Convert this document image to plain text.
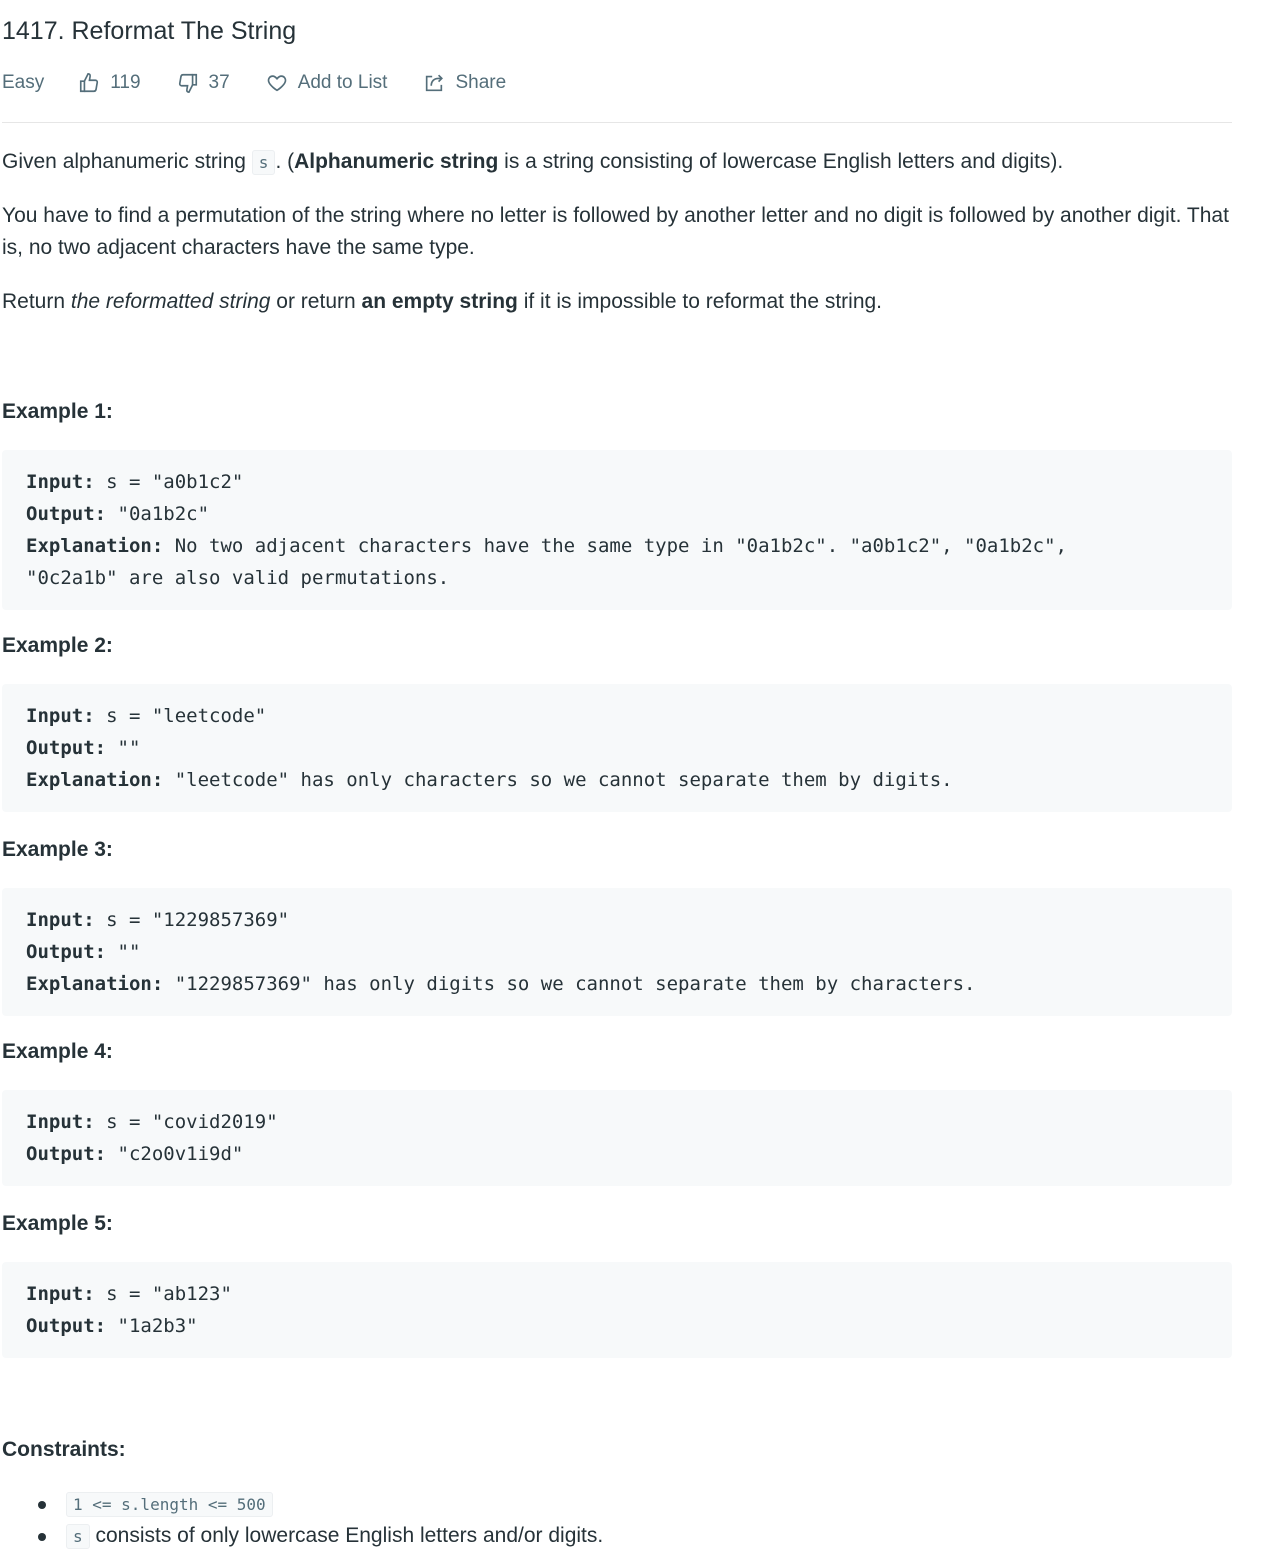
1417. Reformat The String
Easy	119	37	Add to List	Share

Given alphanumeric string s . (Alphanumeric string is a string consisting of lowercase English letters and digits).

You have to find a permutation of the string where no letter is followed by another letter and no digit is followed by another digit. That is, no two adjacent characters have the same type.

Return the reformatted string or return an empty string if it is impossible to reformat the string.

Example 1:
Input: s = "a0b1c2"
Output: "0a1b2c"
Explanation: No two adjacent characters have the same type in "0a1b2c". "a0b1c2", "0a1b2c",
"0c2a1b" are also valid permutations.
Example 2:
Input: s = "leetcode"
Output: ""
Explanation: "leetcode" has only characters so we cannot separate them by digits.
Example 3:
Input: s = "1229857369"
Output: ""
Explanation: "1229857369" has only digits so we cannot separate them by characters.
Example 4:
Input: s = "covid2019"
Output: "c2o0v1i9d"
Example 5:
Input: s = "ab123"
Output: "1a2b3"
Constraints:
1 <= s.length <= 500
s consists of only lowercase English letters and/or digits.
